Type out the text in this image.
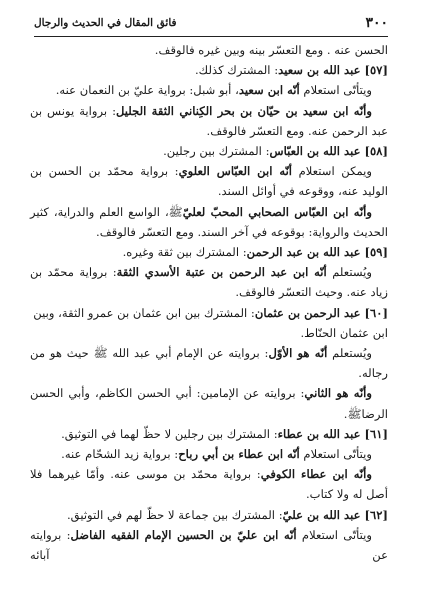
٣٠٠
فائق المقال في الحديث والرجال

الحسن عنه . ومع التعسّر بينه وبين غيره فالوقف.

[٥٧] عبد الله بن سعيد: المشترك كذلك.

ويتأتّى استعلام أنّه ابن سعيد، أبو شبل: برواية عليّ بن النعمان عنه.

وأنّه ابن سعيد بن حيّان بن بحر الكِناني الثقة الجليل: برواية يونس بن عبد الرحمن عنه. ومع التعسّر فالوقف.

[٥٨] عبد الله بن العبّاس: المشترك بين رجلين.

ويمكن استعلام أنّه ابن العبّاس العلوي: برواية محمّد بن الحسن بن الوليد عنه، ووقوعه في أوائل السند.

وأنّه ابن العبّاس الصحابي المحبّ لعليّﷺ، الواسع العلم والدراية، كثير الحديث والرواية: بوقوعه في آخر السند. ومع التعسّر فالوقف.

[٥٩] عبد الله بن عبد الرحمن: المشترك بين ثقة وغيره.

ويُستعلم أنّه ابن عبد الرحمن بن عتبة الأسدي الثقة: برواية محمّد بن زياد عنه. وحيث التعسّر فالوقف.

[٦٠] عبد الرحمن بن عثمان: المشترك بين ابن عثمان بن عمرو الثقة، وبين ابن عثمان الحنّاط.

ويُستعلم أنّه هو الأوّل: بروايته عن الإمام أبي عبد الله ﷺ حيث هو من رجاله.

وأنّه هو الثاني: بروايته عن الإمامين: أبي الحسن الكاظم، وأبي الحسن الرضاﷺ.

[٦١] عبد الله بن عطاء: المشترك بين رجلين لا حظّ لهما في التوثيق.

ويتأتّى استعلام أنّه ابن عطاء بن أبي رباح: برواية زيد الشحّام عنه.

وأنّه ابن عطاء الكوفي: برواية محمّد بن موسى عنه. وأمّا غيرهما فلا أصل له ولا كتاب.

[٦٢] عبد الله بن عليّ: المشترك بين جماعة لا حظّ لهم في التوثيق.

ويتأتّى استعلام أنّه ابن عليّ بن الحسين الإمام الفقيه الفاضل: بروايته عن آبائه
